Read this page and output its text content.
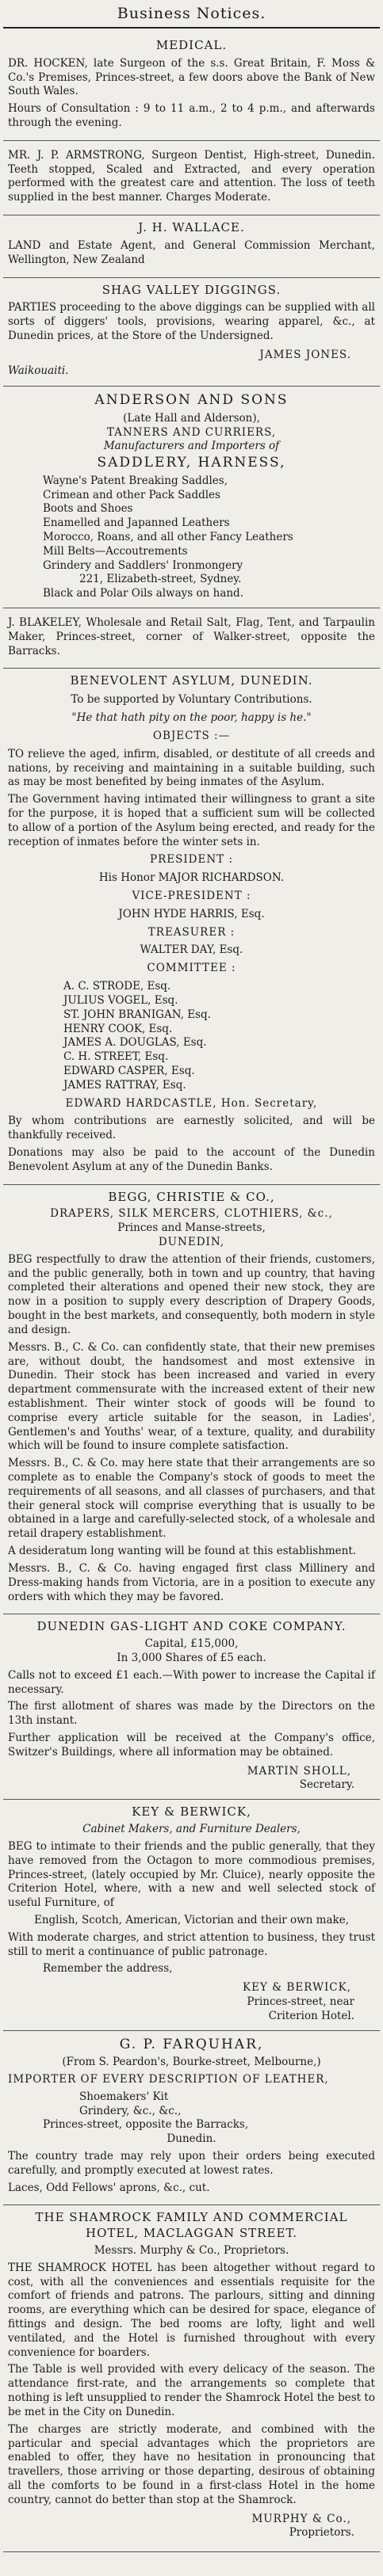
Business Notices.
MEDICAL.
DR. HOCKEN, late Surgeon of the s.s. Great Britain, F. Moss & Co.'s Premises, Princes-street, a few doors above the Bank of New South Wales.
Hours of Consultation : 9 to 11 a.m., 2 to 4 p.m., and afterwards through the evening.
MR. J. P. ARMSTRONG, Surgeon Dentist, High-street, Dunedin. Teeth stopped, Scaled and Extracted, and every operation performed with the greatest care and attention. The loss of teeth supplied in the best manner. Charges Moderate.
J. H. WALLACE.
LAND and Estate Agent, and General Commission Merchant, Wellington, New Zealand
SHAG VALLEY DIGGINGS.
PARTIES proceeding to the above diggings can be supplied with all sorts of diggers' tools, provisions, wearing apparel, &c., at Dunedin prices, at the Store of the Undersigned.
JAMES JONES.
Waikouaiti.
ANDERSON AND SONS
(Late Hall and Alderson),
TANNERS AND CURRIERS,
Manufacturers and Importers of
SADDLERY, HARNESS,
Wayne's Patent Breaking Saddles,
Crimean and other Pack Saddles
Boots and Shoes
Enamelled and Japanned Leathers
Morocco, Roans, and all other Fancy Leathers
Mill Belts—Accoutrements
Grindery and Saddlers' Ironmongery
221, Elizabeth-street, Sydney.
Black and Polar Oils always on hand.
J. BLAKELEY, Wholesale and Retail Salt, Flag, Tent, and Tarpaulin Maker, Princes-street, corner of Walker-street, opposite the Barracks.
BENEVOLENT ASYLUM, DUNEDIN.
To be supported by Voluntary Contributions.
"He that hath pity on the poor, happy is he."
OBJECTS :—
TO relieve the aged, infirm, disabled, or destitute of all creeds and nations, by receiving and maintaining in a suitable building, such as may be most benefited by being inmates of the Asylum.
The Government having intimated their willingness to grant a site for the purpose, it is hoped that a sufficient sum will be collected to allow of a portion of the Asylum being erected, and ready for the reception of inmates before the winter sets in.
PRESIDENT :
His Honor MAJOR RICHARDSON.
VICE-PRESIDENT :
JOHN HYDE HARRIS, Esq.
TREASURER :
WALTER DAY, Esq.
COMMITTEE :
A. C. STRODE, Esq.
JULIUS VOGEL, Esq.
ST. JOHN BRANIGAN, Esq.
HENRY COOK, Esq.
JAMES A. DOUGLAS, Esq.
C. H. STREET, Esq.
EDWARD CASPER, Esq.
JAMES RATTRAY, Esq.
EDWARD HARDCASTLE, Hon. Secretary,
By whom contributions are earnestly solicited, and will be thankfully received.
Donations may also be paid to the account of the Dunedin Benevolent Asylum at any of the Dunedin Banks.
BEGG, CHRISTIE & CO.,
DRAPERS, SILK MERCERS, CLOTHIERS, &c.,
Princes and Manse-streets,
DUNEDIN,
BEG respectfully to draw the attention of their friends, customers, and the public generally, both in town and up country, that having completed their alterations and opened their new stock, they are now in a position to supply every description of Drapery Goods, bought in the best markets, and consequently, both modern in style and design.
Messrs. B., C. & Co. can confidently state, that their new premises are, without doubt, the handsomest and most extensive in Dunedin. Their stock has been increased and varied in every department commensurate with the increased extent of their new establishment. Their winter stock of goods will be found to comprise every article suitable for the season, in Ladies', Gentlemen's and Youths' wear, of a texture, quality, and durability which will be found to insure complete satisfaction.
Messrs. B., C. & Co. may here state that their arrangements are so complete as to enable the Company's stock of goods to meet the requirements of all seasons, and all classes of purchasers, and that their general stock will comprise everything that is usually to be obtained in a large and carefully-selected stock, of a wholesale and retail drapery establishment.
A desideratum long wanting will be found at this establishment.
Messrs. B., C. & Co. having engaged first class Millinery and Dress-making hands from Victoria, are in a position to execute any orders with which they may be favored.
DUNEDIN GAS-LIGHT AND COKE COMPANY.
Capital, £15,000,
In 3,000 Shares of £5 each.
Calls not to exceed £1 each.—With power to increase the Capital if necessary.
The first allotment of shares was made by the Directors on the 13th instant.
Further application will be received at the Company's office, Switzer's Buildings, where all information may be obtained.
MARTIN SHOLL,
Secretary.
KEY & BERWICK,
Cabinet Makers, and Furniture Dealers,
BEG to intimate to their friends and the public generally, that they have removed from the Octagon to more commodious premises, Princes-street, (lately occupied by Mr. Cluice), nearly opposite the Criterion Hotel, where, with a new and well selected stock of useful Furniture, of
English, Scotch, American, Victorian and their own make,
With moderate charges, and strict attention to business, they trust still to merit a continuance of public patronage.
Remember the address,
KEY & BERWICK,
Princes-street, near
Criterion Hotel.
G. P. FARQUHAR,
(From S. Peardon's, Bourke-street, Melbourne,)
IMPORTER OF EVERY DESCRIPTION OF LEATHER,
Shoemakers' Kit
Grindery, &c., &c.,
Princes-street, opposite the Barracks,
Dunedin.
The country trade may rely upon their orders being executed carefully, and promptly executed at lowest rates.
Laces, Odd Fellows' aprons, &c., cut.
THE SHAMROCK FAMILY AND COMMERCIAL HOTEL, MACLAGGAN STREET.
Messrs. Murphy & Co., Proprietors.
THE SHAMROCK HOTEL has been altogether without regard to cost, with all the conveniences and essentials requisite for the comfort of friends and patrons. The parlours, sitting and dinning rooms, are everything which can be desired for space, elegance of fittings and design. The bed rooms are lofty, light and well ventilated, and the Hotel is furnished throughout with every convenience for boarders.
The Table is well provided with every delicacy of the season. The attendance first-rate, and the arrangements so complete that nothing is left unsupplied to render the Shamrock Hotel the best to be met in the City on Dunedin.
The charges are strictly moderate, and combined with the particular and special advantages which the proprietors are enabled to offer, they have no hesitation in pronouncing that travellers, those arriving or those departing, desirous of obtaining all the comforts to be found in a first-class Hotel in the home country, cannot do better than stop at the Shamrock.
MURPHY & Co.,
Proprietors.
